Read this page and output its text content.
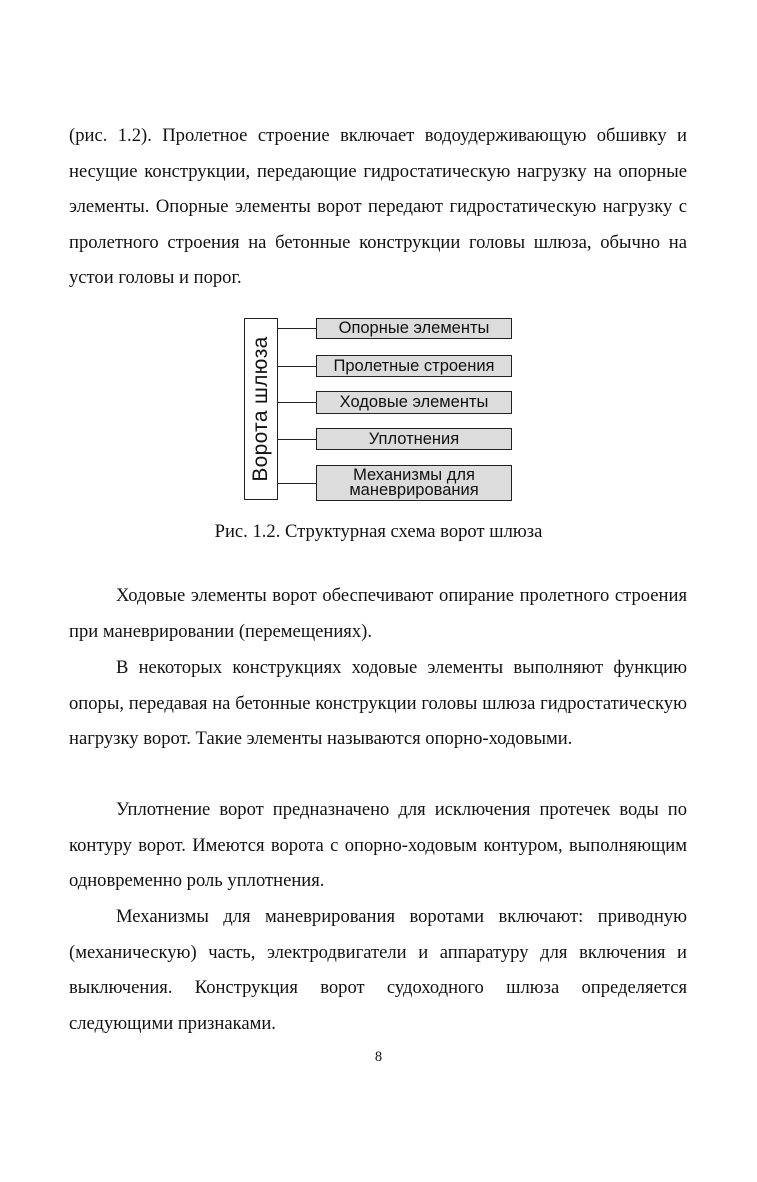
(рис. 1.2). Пролетное строение включает водоудерживающую обшивку и несущие конструкции, передающие гидростатическую нагрузку на опорные элементы. Опорные элементы ворот передают гидростатическую нагрузку с пролетного строения на бетонные конструкции головы шлюза, обычно на устои головы и порог.

Ворота шлюза
Опорные элементы
Пролетные строения
Ходовые элементы
Уплотнения
Механизмы для
маневрирования
Рис. 1.2. Структурная схема ворот шлюза

Ходовые элементы ворот обеспечивают опирание пролетного строения при маневрировании (перемещениях).

В некоторых конструкциях ходовые элементы выполняют функцию опоры, передавая на бетонные конструкции головы шлюза гидростатическую нагрузку ворот. Такие элементы называются опорно-ходовыми.

Уплотнение ворот предназначено для исключения протечек воды по контуру ворот. Имеются ворота с опорно-ходовым контуром, выполняющим одновременно роль уплотнения.

Механизмы для маневрирования воротами включают: приводную (механическую) часть, электродвигатели и аппаратуру для включения и выключения. Конструкция ворот судоходного шлюза определяется следующими признаками.

8
